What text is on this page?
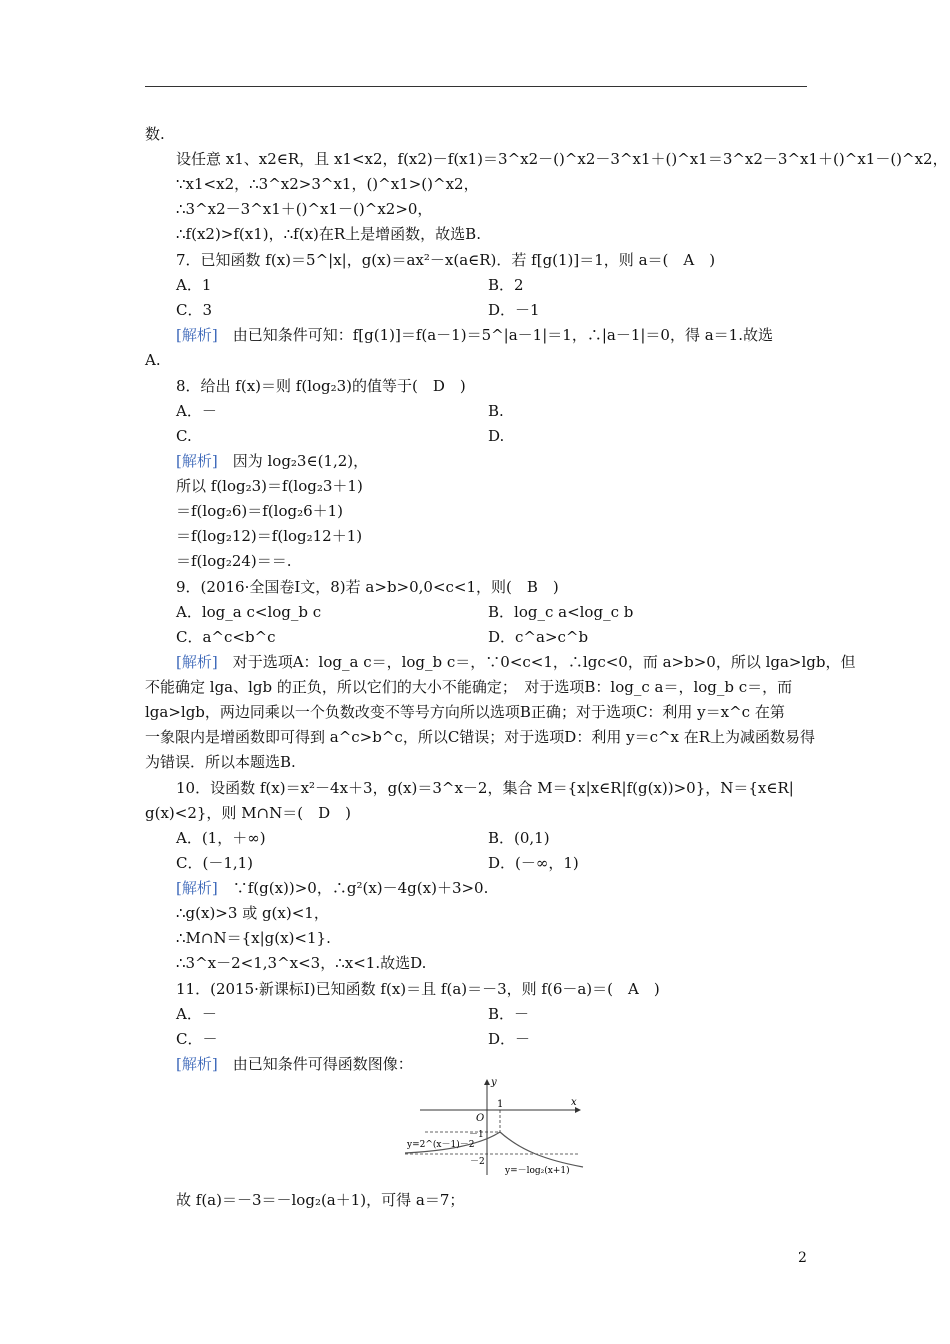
数.
设任意 x1、x2∈R，且 x1<x2，f(x2)－f(x1)＝3^x2－()^x2－3^x1＋()^x1＝3^x2－3^x1＋()^x1－()^x2，
∵x1<x2，∴3^x2>3^x1，()^x1>()^x2，
∴3^x2－3^x1＋()^x1－()^x2>0，
∴f(x2)>f(x1)，∴f(x)在R上是增函数，故选B.
7．已知函数 f(x)＝5^|x|，g(x)＝ax²－x(a∈R)．若 f[g(1)]＝1，则 a＝(　A　)
A．1	B．2
C．3	D．－1
[解析]　由已知条件可知：f[g(1)]＝f(a－1)＝5^|a－1|＝1，∴|a－1|＝0，得 a＝1.故选
A.
8．给出 f(x)＝则 f(log₂3)的值等于(　D　)
A．－	B.
C.	D.
[解析]　因为 log₂3∈(1,2)，
所以 f(log₂3)＝f(log₂3＋1)
＝f(log₂6)＝f(log₂6＋1)
＝f(log₂12)＝f(log₂12＋1)
＝f(log₂24)＝＝.
9．(2016·全国卷Ⅰ文，8)若 a>b>0,0<c<1，则(　B　)
A．log_a c<log_b c	B．log_c a<log_c b
C．a^c<b^c	D．c^a>c^b
[解析]　对于选项A：log_a c＝，log_b c＝，∵0<c<1，∴lgc<0，而 a>b>0，所以 lga>lgb，但
不能确定 lga、lgb 的正负，所以它们的大小不能确定；　对于选项B：log_c a＝，log_b c＝，而
lga>lgb，两边同乘以一个负数改变不等号方向所以选项B正确；对于选项C：利用 y＝x^c 在第
一象限内是增函数即可得到 a^c>b^c，所以C错误；对于选项D：利用 y＝c^x 在R上为减函数易得
为错误．所以本题选B.
10．设函数 f(x)＝x²－4x＋3，g(x)＝3^x－2，集合 M＝{x|x∈R|f(g(x))>0}，N＝{x∈R|
g(x)<2}，则 M∩N＝(　D　)
A．(1，＋∞)	B．(0,1)
C．(－1,1)	D．(－∞，1)
[解析]　∵f(g(x))>0，∴g²(x)－4g(x)＋3>0.
∴g(x)>3 或 g(x)<1，
∴M∩N＝{x|g(x)<1}.
∴3^x－2<1,3^x<3，∴x<1.故选D.
11．(2015·新课标Ⅰ)已知函数 f(x)＝且 f(a)＝－3，则 f(6－a)＝(　A　)
A．－	B．－
C．－	D．－
[解析]　由已知条件可得函数图像：
x
y
O
1
－1
－2
y=2^(x－1)－2
y=－log₂(x+1)
故 f(a)＝－3＝－log₂(a＋1)，可得 a＝7；
2
